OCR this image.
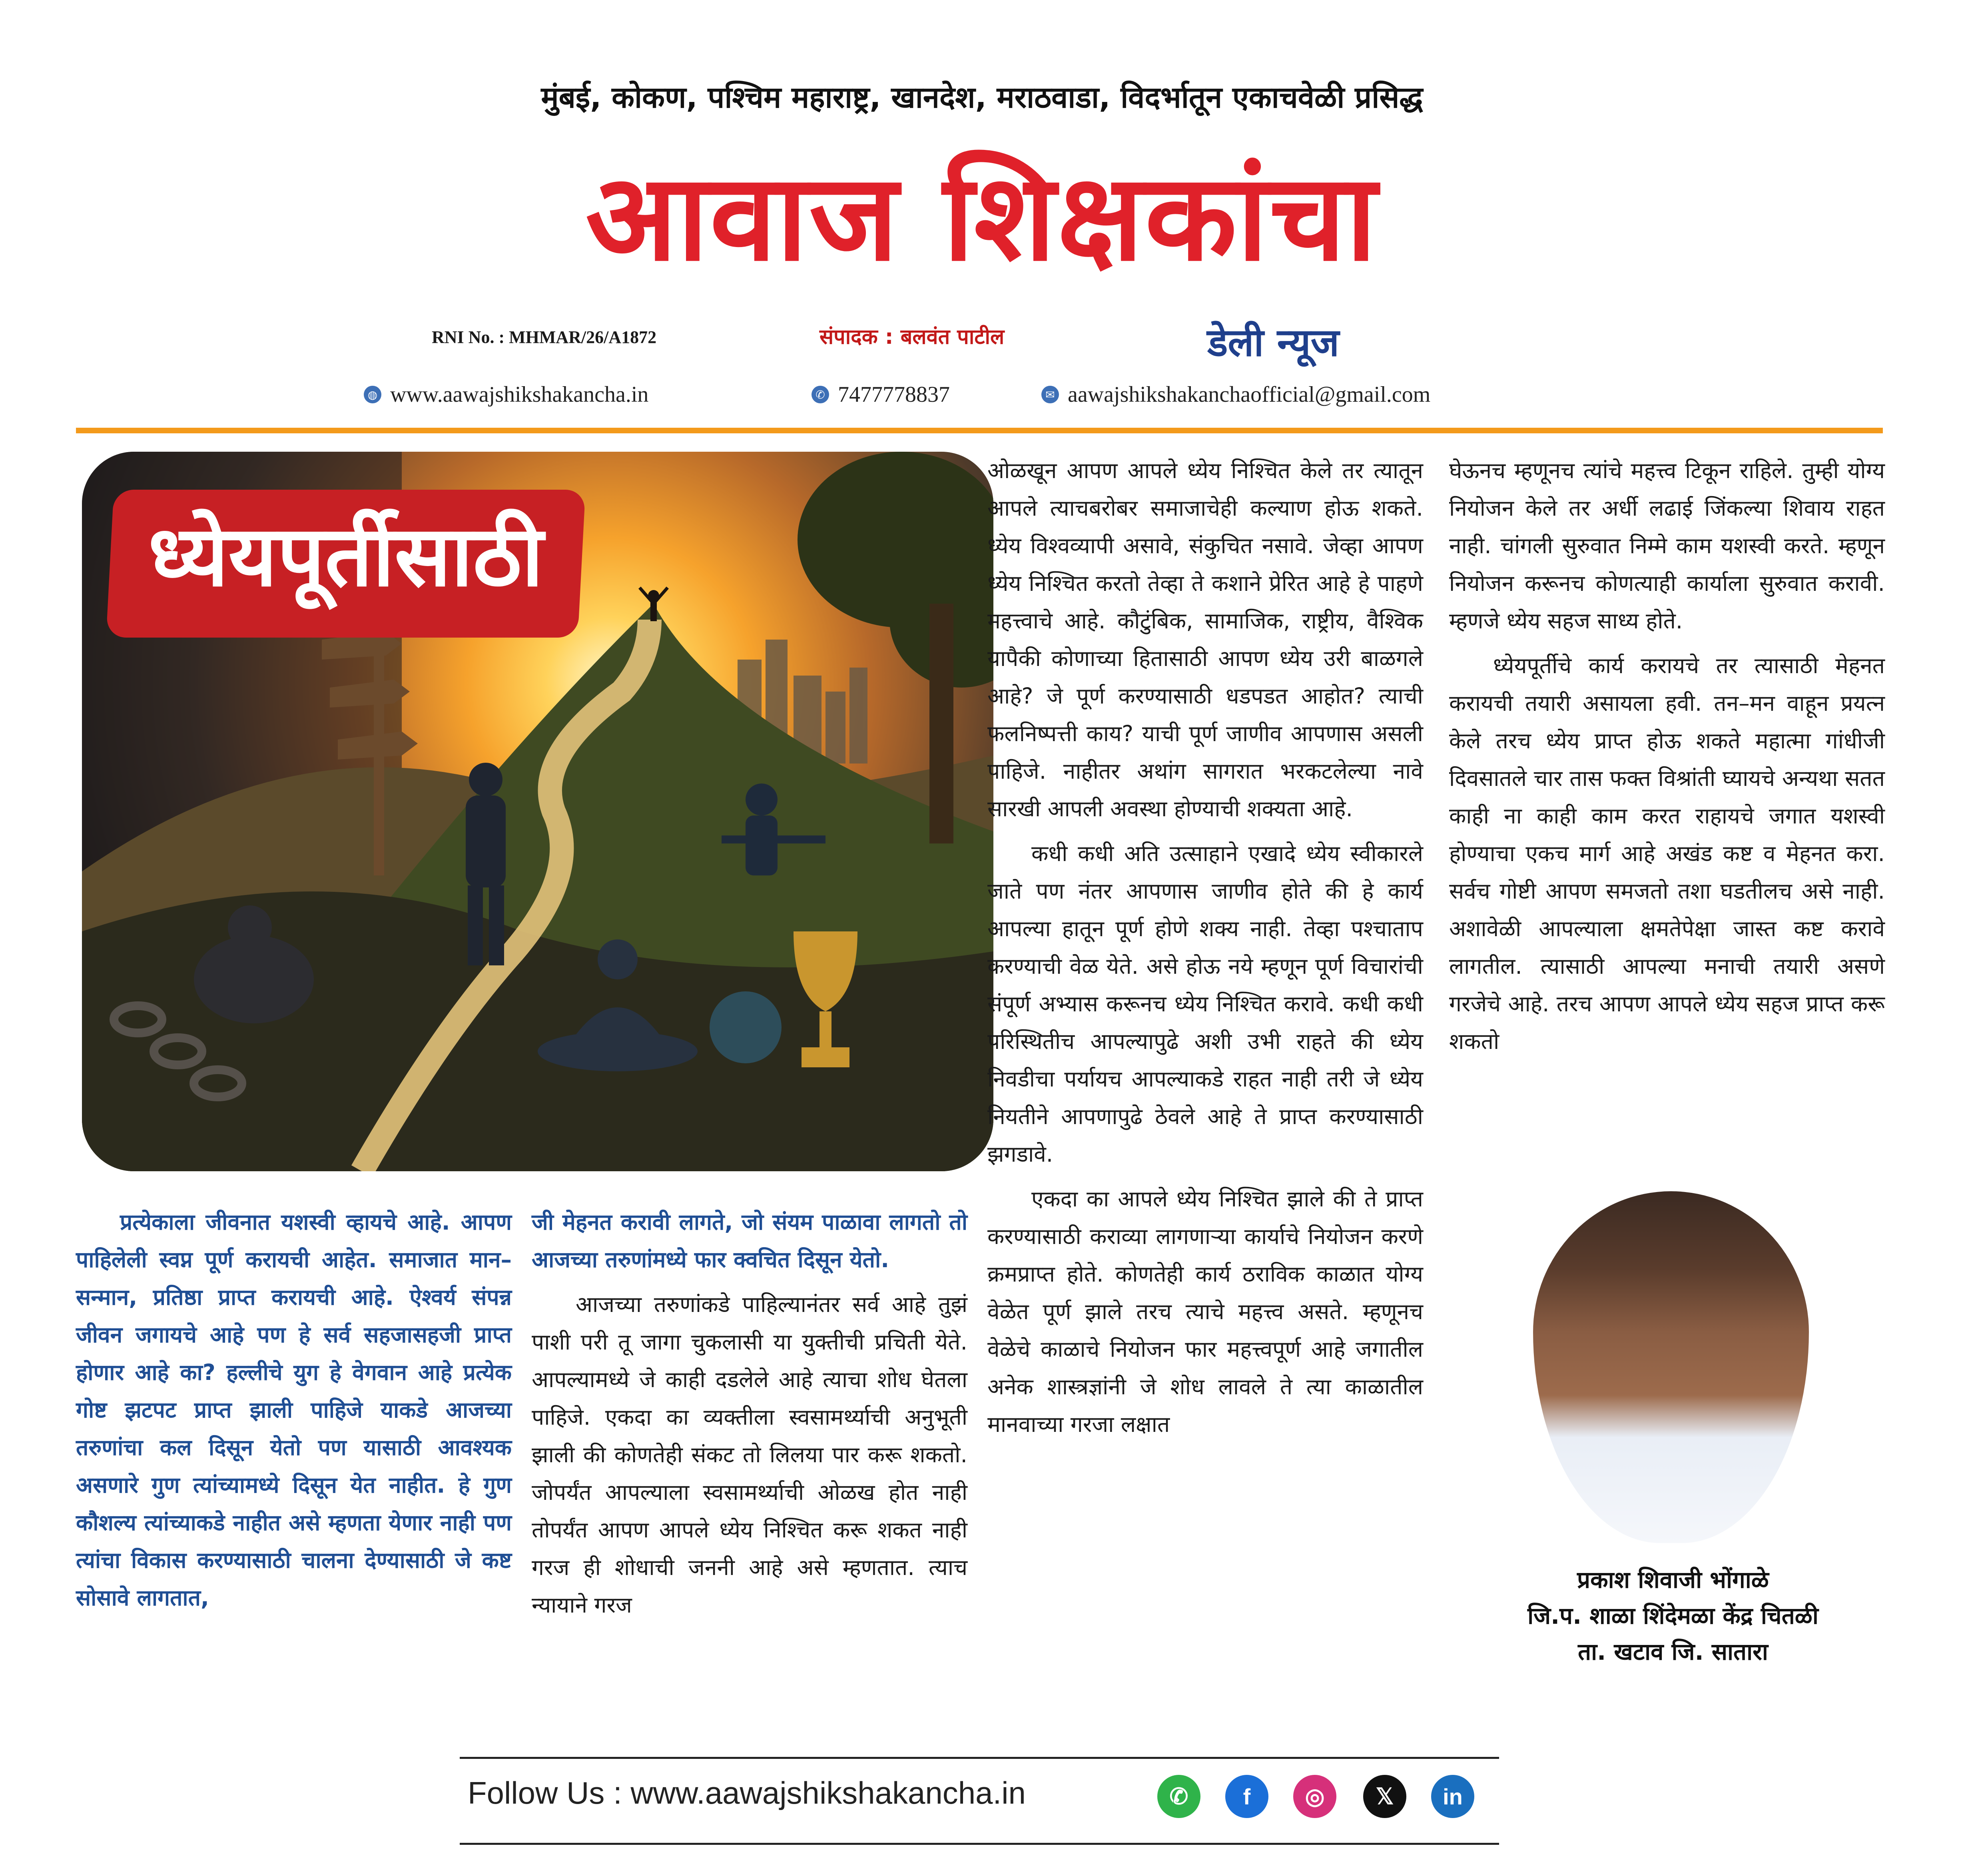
मुंबई, कोकण, पश्चिम महाराष्ट्र, खानदेश, मराठवाडा, विदर्भातून एकाचवेळी प्रसिद्ध
आवाज शिक्षकांचा
RNI No. : MHMAR/26/A1872	संपादक : बलवंत पाटील	डेली न्यूज
◍ www.aawajshikshakancha.in	✆ 7477778837	✉ aawajshikshakanchaofficial@gmail.com
ध्येयपूर्तीसाठी

प्रत्येकाला जीवनात यशस्वी व्हायचे आहे. आपण पाहिलेली स्वप्न पूर्ण करायची आहेत. समाजात मान–सन्मान, प्रतिष्ठा प्राप्त करायची आहे. ऐश्वर्य संपन्न जीवन जगायचे आहे पण हे सर्व सहजासहजी प्राप्त होणार आहे का? हल्लीचे युग हे वेगवान आहे प्रत्येक गोष्ट झटपट प्राप्त झाली पाहिजे याकडे आजच्या तरुणांचा कल दिसून येतो पण यासाठी आवश्यक असणारे गुण त्यांच्यामध्ये दिसून येत नाहीत. हे गुण कौशल्य त्यांच्याकडे नाहीत असे म्हणता येणार नाही पण त्यांचा विकास करण्यासाठी चालना देण्यासाठी जे कष्ट सोसावे लागतात,

जी मेहनत करावी लागते, जो संयम पाळावा लागतो तो आजच्या तरुणांमध्ये फार क्वचित दिसून येतो.

आजच्या तरुणांकडे पाहिल्यानंतर सर्व आहे तुझं पाशी परी तू जागा चुकलासी या युक्तीची प्रचिती येते. आपल्यामध्ये जे काही दडलेले आहे त्याचा शोध घेतला पाहिजे. एकदा का व्यक्तीला स्वसामर्थ्याची अनुभूती झाली की कोणतेही संकट तो लिलया पार करू शकतो. जोपर्यंत आपल्याला स्वसामर्थ्याची ओळख होत नाही तोपर्यंत आपण आपले ध्येय निश्चित करू शकत नाही गरज ही शोधाची जननी आहे असे म्हणतात. त्याच न्यायाने गरज

ओळखून आपण आपले ध्येय निश्चित केले तर त्यातून आपले त्याचबरोबर समाजाचेही कल्याण होऊ शकते. ध्येय विश्वव्यापी असावे, संकुचित नसावे. जेव्हा आपण ध्येय निश्चित करतो तेव्हा ते कशाने प्रेरित आहे हे पाहणे महत्त्वाचे आहे. कौटुंबिक, सामाजिक, राष्ट्रीय, वैश्विक यापैकी कोणाच्या हितासाठी आपण ध्येय उरी बाळगले आहे? जे पूर्ण करण्यासाठी धडपडत आहोत? त्याची फलनिष्पत्ती काय? याची पूर्ण जाणीव आपणास असली पाहिजे. नाहीतर अथांग सागरात भरकटलेल्या नावे सारखी आपली अवस्था होण्याची शक्यता आहे.

कधी कधी अति उत्साहाने एखादे ध्येय स्वीकारले जाते पण नंतर आपणास जाणीव होते की हे कार्य आपल्या हातून पूर्ण होणे शक्य नाही. तेव्हा पश्चाताप करण्याची वेळ येते. असे होऊ नये म्हणून पूर्ण विचारांची संपूर्ण अभ्यास करूनच ध्येय निश्चित करावे. कधी कधी परिस्थितीच आपल्यापुढे अशी उभी राहते की ध्येय निवडीचा पर्यायच आपल्याकडे राहत नाही तरी जे ध्येय नियतीने आपणापुढे ठेवले आहे ते प्राप्त करण्यासाठी झगडावे.

एकदा का आपले ध्येय निश्चित झाले की ते प्राप्त करण्यासाठी कराव्या लागणाऱ्या कार्याचे नियोजन करणे क्रमप्राप्त होते. कोणतेही कार्य ठराविक काळात योग्य वेळेत पूर्ण झाले तरच त्याचे महत्त्व असते. म्हणूनच वेळेचे काळाचे नियोजन फार महत्त्वपूर्ण आहे जगातील अनेक शास्त्रज्ञांनी जे शोध लावले ते त्या काळातील मानवाच्या गरजा लक्षात

घेऊनच म्हणूनच त्यांचे महत्त्व टिकून राहिले. तुम्ही योग्य नियोजन केले तर अर्धी लढाई जिंकल्या शिवाय राहत नाही. चांगली सुरुवात निम्मे काम यशस्वी करते. म्हणून नियोजन करूनच कोणत्याही कार्याला सुरुवात करावी. म्हणजे ध्येय सहज साध्य होते.

ध्येयपूर्तीचे कार्य करायचे तर त्यासाठी मेहनत करायची तयारी असायला हवी. तन–मन वाहून प्रयत्न केले तरच ध्येय प्राप्त होऊ शकते महात्मा गांधीजी दिवसातले चार तास फक्त विश्रांती घ्यायचे अन्यथा सतत काही ना काही काम करत राहायचे जगात यशस्वी होण्याचा एकच मार्ग आहे अखंड कष्ट व मेहनत करा. सर्वच गोष्टी आपण समजतो तशा घडतीलच असे नाही. अशावेळी आपल्याला क्षमतेपेक्षा जास्त कष्ट करावे लागतील. त्यासाठी आपल्या मनाची तयारी असणे गरजेचे आहे. तरच आपण आपले ध्येय सहज प्राप्त करू शकतो

प्रकाश शिवाजी भोंगाळे
जि.प. शाळा शिंदेमळा केंद्र चितळी
ता. खटाव जि. सातारा
Follow Us : www.aawajshikshakancha.in	✆ f ◎ 𝕏 in
